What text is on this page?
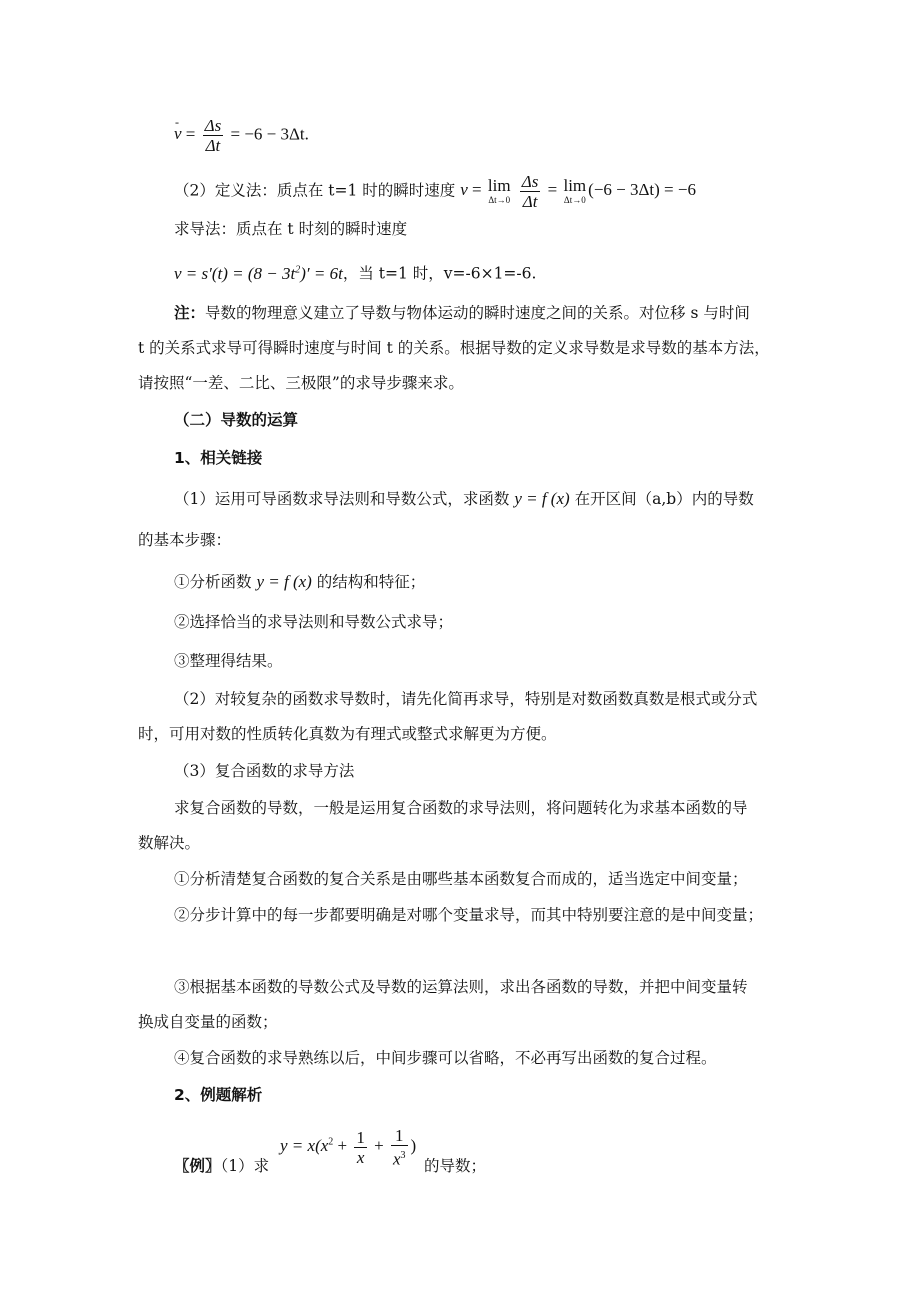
- $v = \frac{\Delta s}{\Delta t} = -6 - 3\Delta t$.
（2）定义法：质点在 t=1 时的瞬时速度 v = lim
Δt→0
$\frac{\Delta s}{\Delta t} = \lim$
Δt→0
(−6 − 3Δt) = −6
求导法：质点在 t 时刻的瞬时速度
$v = s'(t) = (8 - 3t^2)' = 6t$，当 t=1 时，v=-6×1=-6.
注：导数的物理意义建立了导数与物体运动的瞬时速度之间的关系。对位移 s 与时间
t 的关系式求导可得瞬时速度与时间 t 的关系。根据导数的定义求导数是求导数的基本方法，
请按照“一差、二比、三极限”的求导步骤来求。
（二）导数的运算
1、相关链接
（1）运用可导函数求导法则和导数公式，求函数 y = f (x) 在开区间（a,b）内的导数
的基本步骤：
①分析函数 y = f (x) 的结构和特征；
②选择恰当的求导法则和导数公式求导；
③整理得结果。
（2）对较复杂的函数求导数时，请先化简再求导，特别是对数函数真数是根式或分式
时，可用对数的性质转化真数为有理式或整式求解更为方便。
（3）复合函数的求导方法
求复合函数的导数，一般是运用复合函数的求导法则，将问题转化为求基本函数的导
数解决。
①分析清楚复合函数的复合关系是由哪些基本函数复合而成的，适当选定中间变量；
②分步计算中的每一步都要明确是对哪个变量求导，而其中特别要注意的是中间变量；
③根据基本函数的导数公式及导数的运算法则，求出各函数的导数，并把中间变量转
换成自变量的函数；
④复合函数的求导熟练以后，中间步骤可以省略，不必再写出函数的复合过程。
2、例题解析
〖例〗（1）求
$y = x(x^2 + \frac{1}{x} + \frac{1}{x^3}$ )
的导数；
